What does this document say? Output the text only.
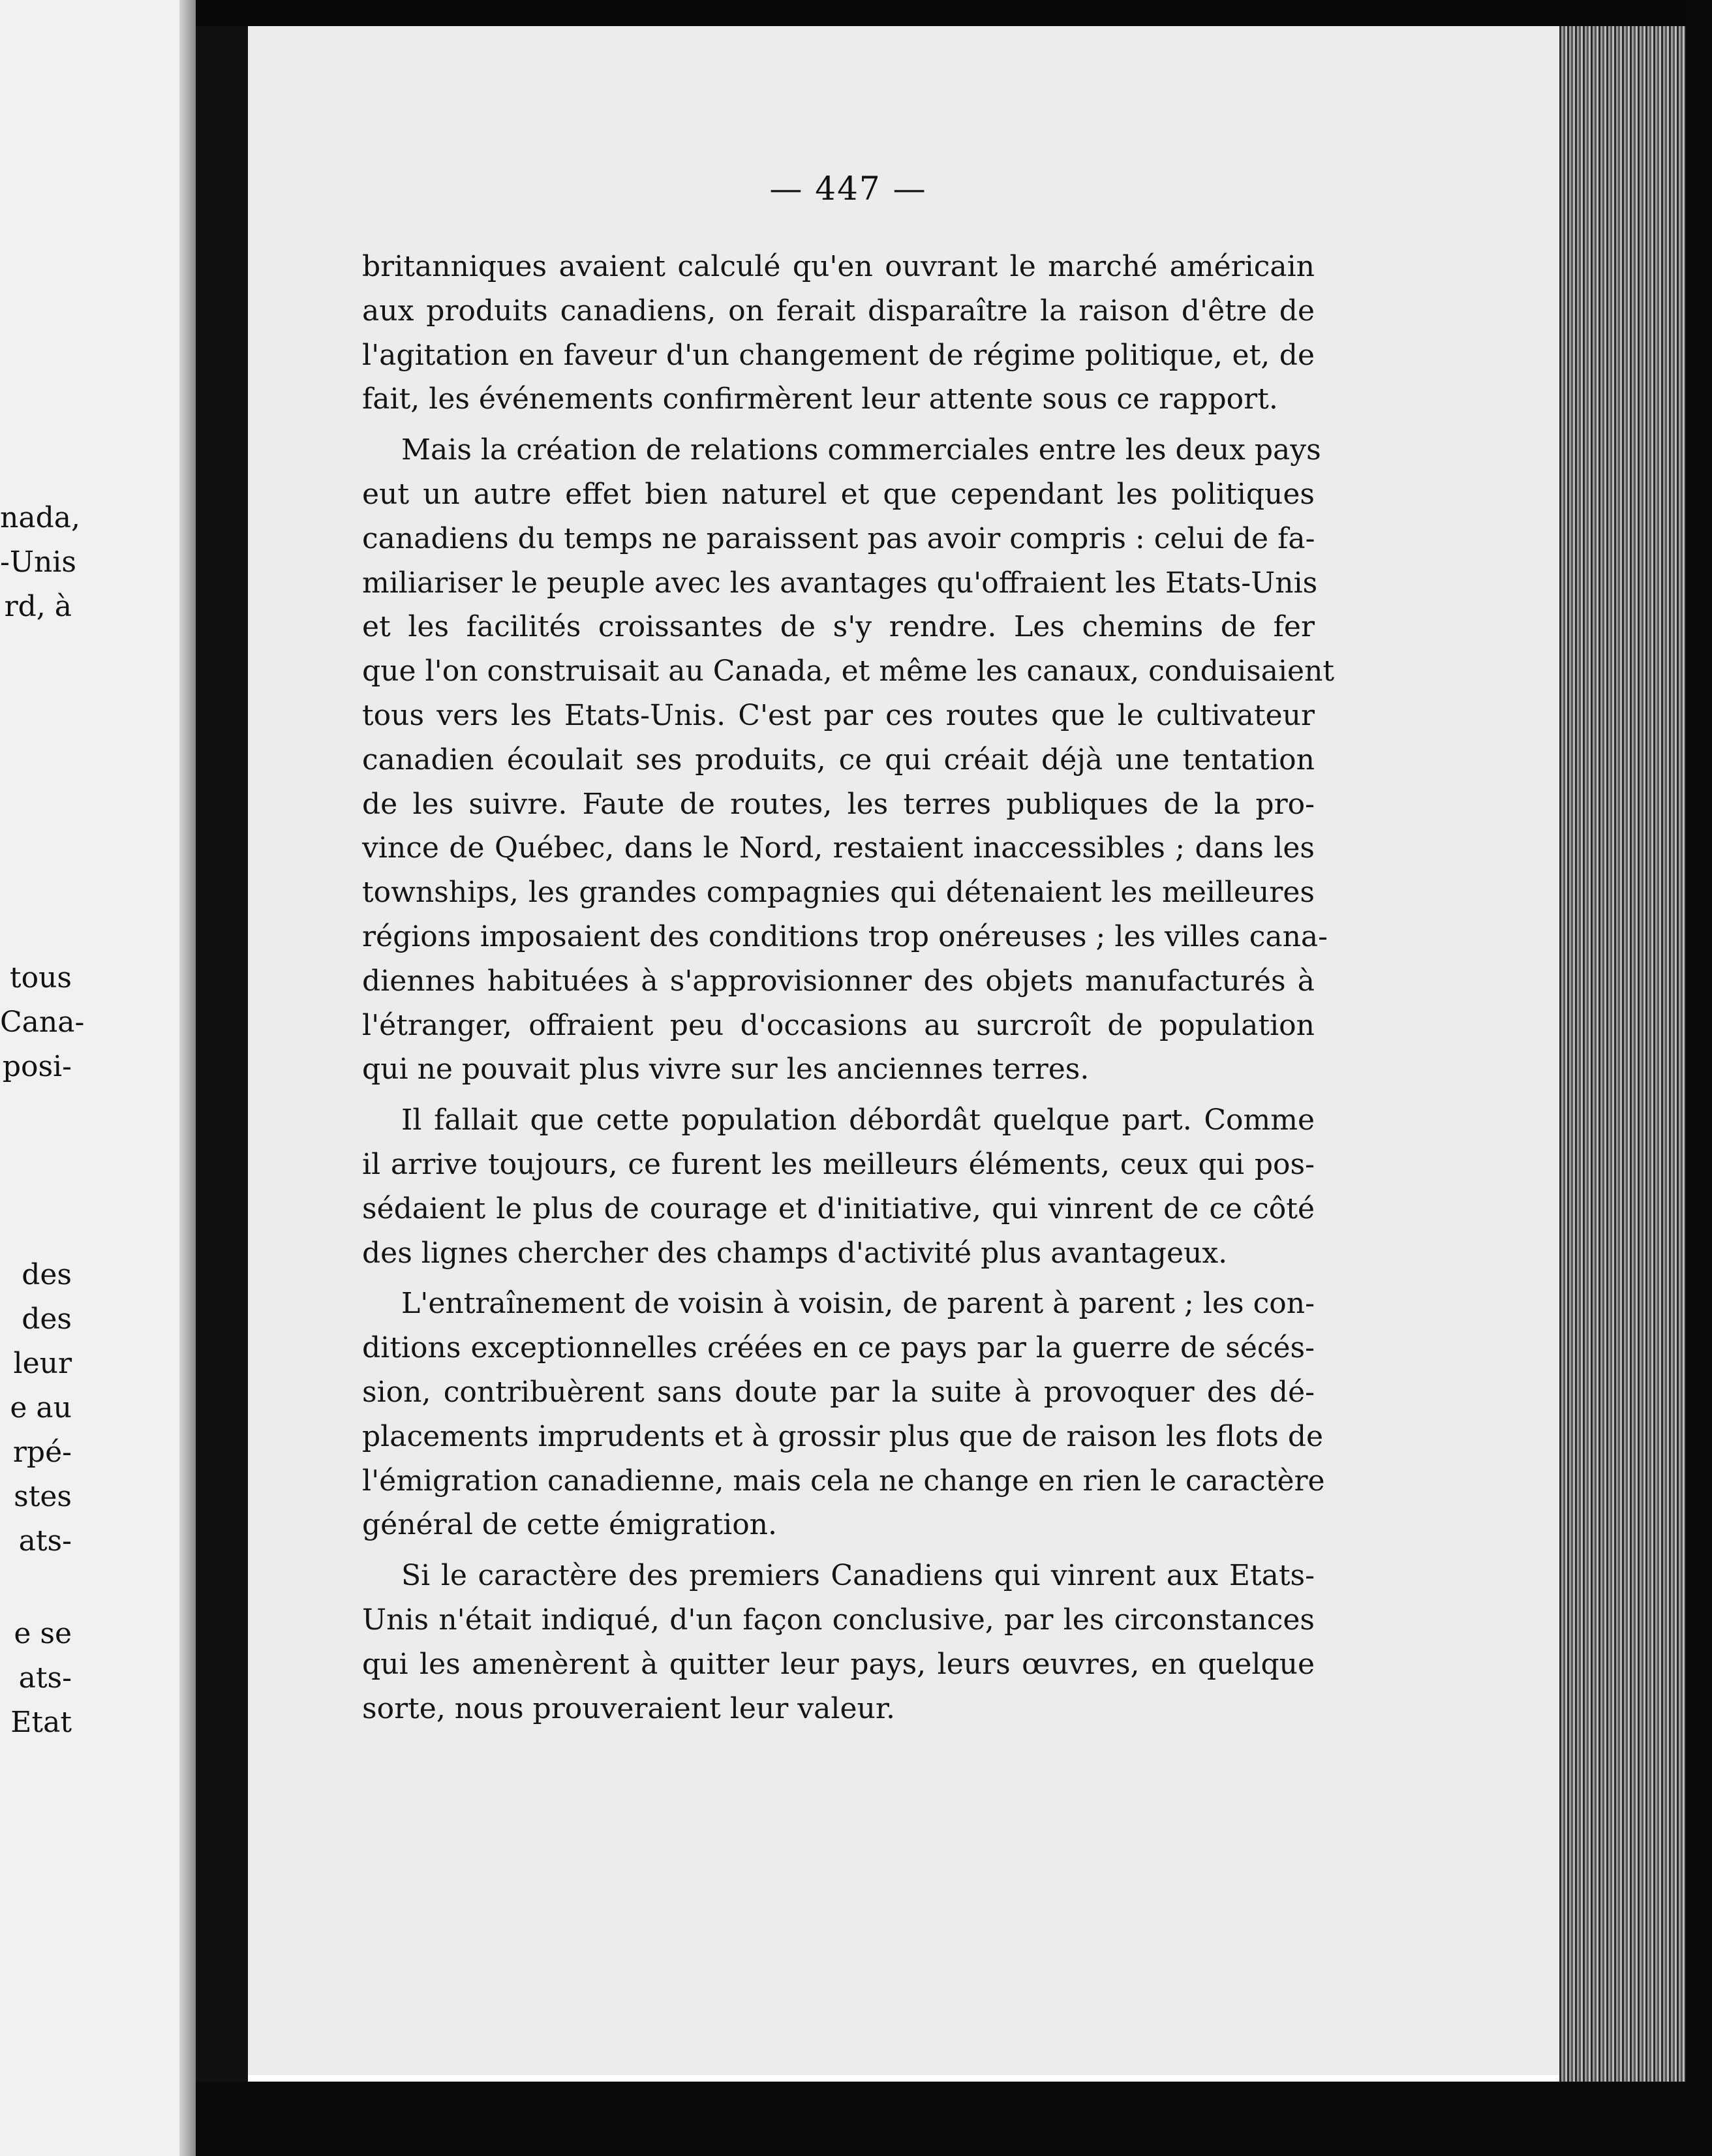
nada,
-Unis
rd, à
tous
Cana-
posi-
des
des
leur
e au
rpé-
stes
ats-
e se
ats-
Etat
— 447 —
britanniques avaient calculé qu'en ouvrant le marché américain
aux produits canadiens, on ferait disparaître la raison d'être de
l'agitation en faveur d'un changement de régime politique, et, de
fait, les événements confirmèrent leur attente sous ce rapport.
Mais la création de relations commerciales entre les deux pays
eut un autre effet bien naturel et que cependant les politiques
canadiens du temps ne paraissent pas avoir compris : celui de fa-
miliariser le peuple avec les avantages qu'offraient les Etats-Unis
et les facilités croissantes de s'y rendre. Les chemins de fer
que l'on construisait au Canada, et même les canaux, conduisaient
tous vers les Etats-Unis. C'est par ces routes que le cultivateur
canadien écoulait ses produits, ce qui créait déjà une tentation
de les suivre. Faute de routes, les terres publiques de la pro-
vince de Québec, dans le Nord, restaient inaccessibles ; dans les
townships, les grandes compagnies qui détenaient les meilleures
régions imposaient des conditions trop onéreuses ; les villes cana-
diennes habituées à s'approvisionner des objets manufacturés à
l'étranger, offraient peu d'occasions au surcroît de population
qui ne pouvait plus vivre sur les anciennes terres.
Il fallait que cette population débordât quelque part. Comme
il arrive toujours, ce furent les meilleurs éléments, ceux qui pos-
sédaient le plus de courage et d'initiative, qui vinrent de ce côté
des lignes chercher des champs d'activité plus avantageux.
L'entraînement de voisin à voisin, de parent à parent ; les con-
ditions exceptionnelles créées en ce pays par la guerre de sécés-
sion, contribuèrent sans doute par la suite à provoquer des dé-
placements imprudents et à grossir plus que de raison les flots de
l'émigration canadienne, mais cela ne change en rien le caractère
général de cette émigration.
Si le caractère des premiers Canadiens qui vinrent aux Etats-
Unis n'était indiqué, d'un façon conclusive, par les circonstances
qui les amenèrent à quitter leur pays, leurs œuvres, en quelque
sorte, nous prouveraient leur valeur.
